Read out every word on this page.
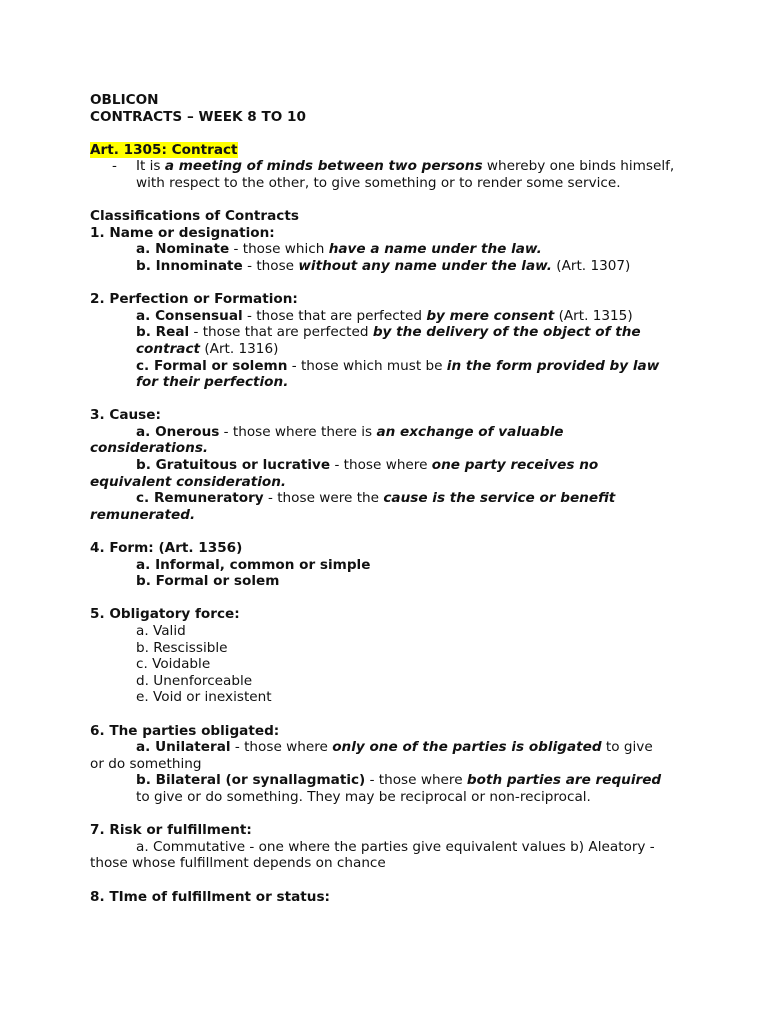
OBLICON
CONTRACTS – WEEK 8 TO 10
Art. 1305: Contract
-	It is a meeting of minds between two persons whereby one binds himself, with respect to the other, to give something or to render some service.
Classifications of Contracts
1. Name or designation:
a. Nominate - those which have a name under the law.
b. Innominate - those without any name under the law. (Art. 1307)
2. Perfection or Formation:
a. Consensual - those that are perfected by mere consent (Art. 1315)
b. Real - those that are perfected by the delivery of the object of the
contract (Art. 1316)
c. Formal or solemn - those which must be in the form provided by law
for their perfection.
3. Cause:
a. Onerous - those where there is an exchange of valuable
considerations.
b. Gratuitous or lucrative - those where one party receives no
equivalent consideration.
c. Remuneratory - those were the cause is the service or benefit
remunerated.
4. Form: (Art. 1356)
a. Informal, common or simple
b. Formal or solem
5. Obligatory force:
a. Valid
b. Rescissible
c. Voidable
d. Unenforceable
e. Void or inexistent
6. The parties obligated:
a. Unilateral - those where only one of the parties is obligated to give
or do something
b. Bilateral (or synallagmatic) - those where both parties are required
to give or do something. They may be reciprocal or non-reciprocal.
7. Risk or fulfillment:
a. Commutative - one where the parties give equivalent values b) Aleatory -
those whose fulfillment depends on chance
8. TIme of fulfillment or status:
